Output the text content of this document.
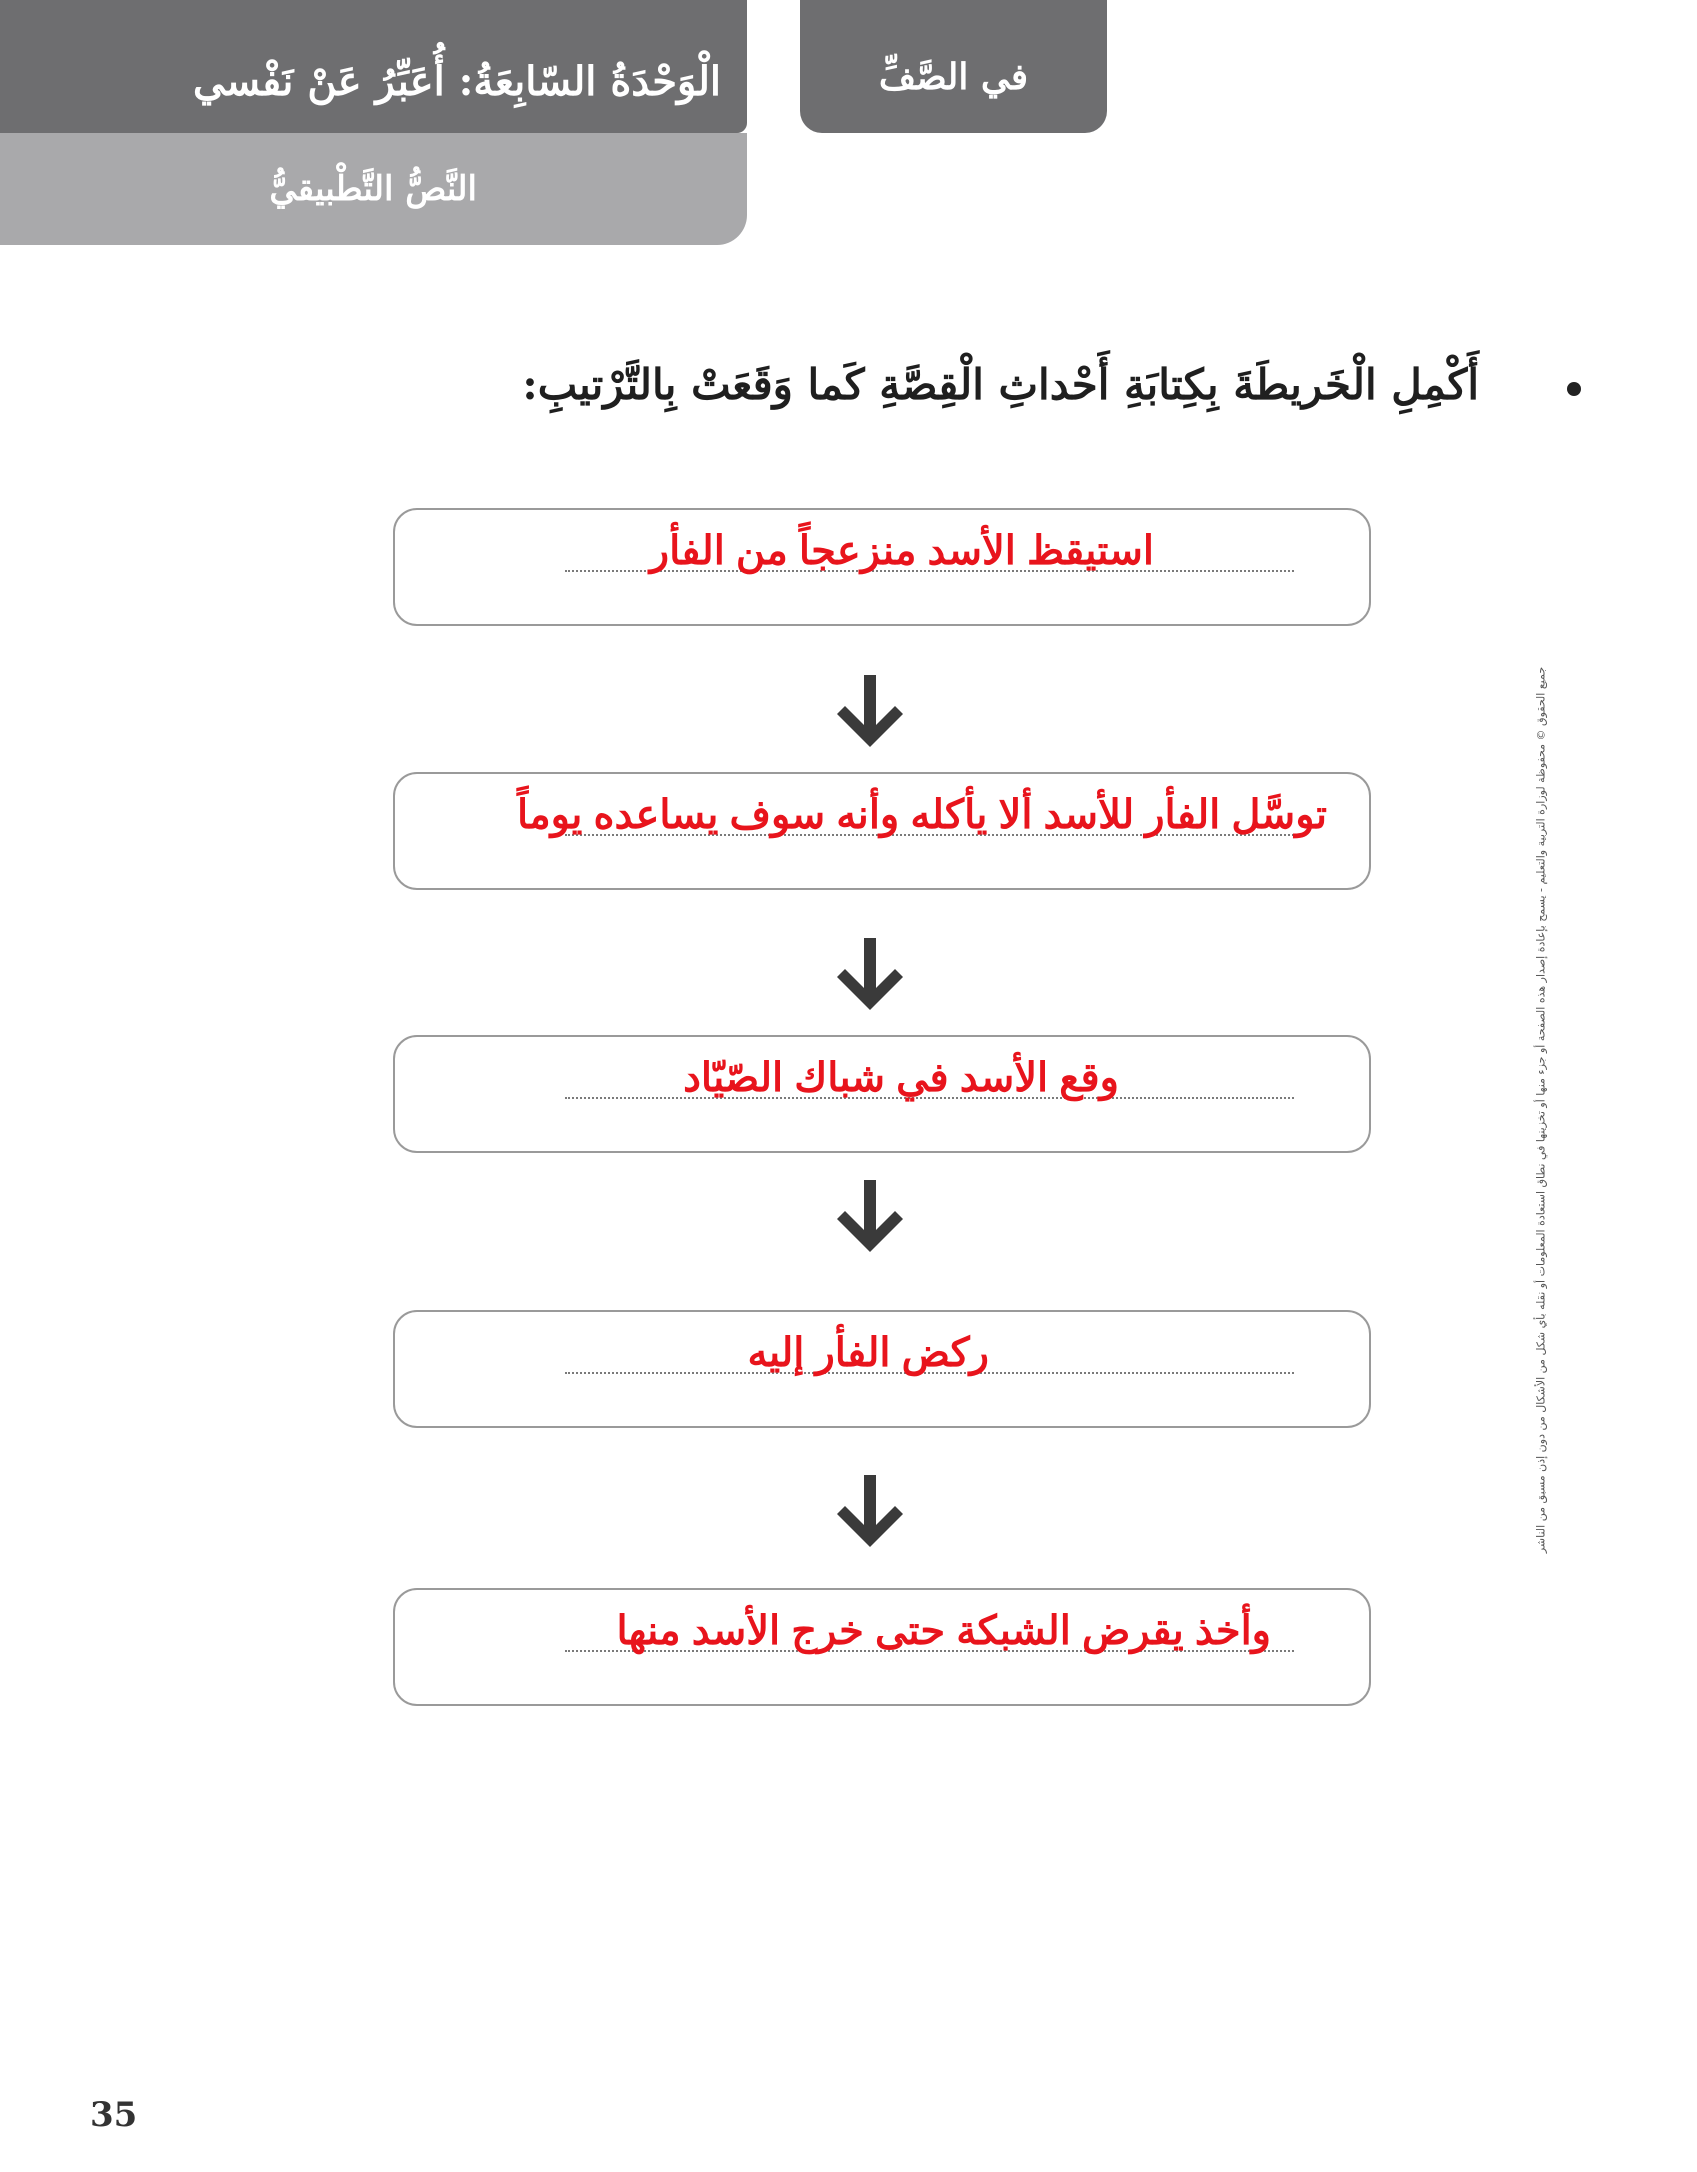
الْوَحْدَةُ السّابِعَةُ: أُعَبِّرُ عَنْ نَفْسي
النَّصُّ التَّطْبيقيُّ
في الصَّفِّ
أَكْمِلِ الْخَريطَةَ بِكِتابَةِ أَحْداثِ الْقِصَّةِ كَما وَقَعَتْ بِالتَّرْتيبِ:
استيقظ الأسد منزعجاً من الفأر
توسَّل الفأر للأسد ألا يأكله وأنه سوف يساعده يوماً
وقع الأسد في شباك الصّيّاد
ركض الفأر إليه
وأخذ يقرض الشبكة حتى خرج الأسد منها
جميع الحقوق © محفوظة لوزارة التربية والتعليم - يسمح بإعادة إصدار هذه الصفحة أو جزء منها أو تخزينها في نطاق استعادة المعلومات أو نقله بأي شكل من الأشكال من دون إذن مسبق من الناشر
35
